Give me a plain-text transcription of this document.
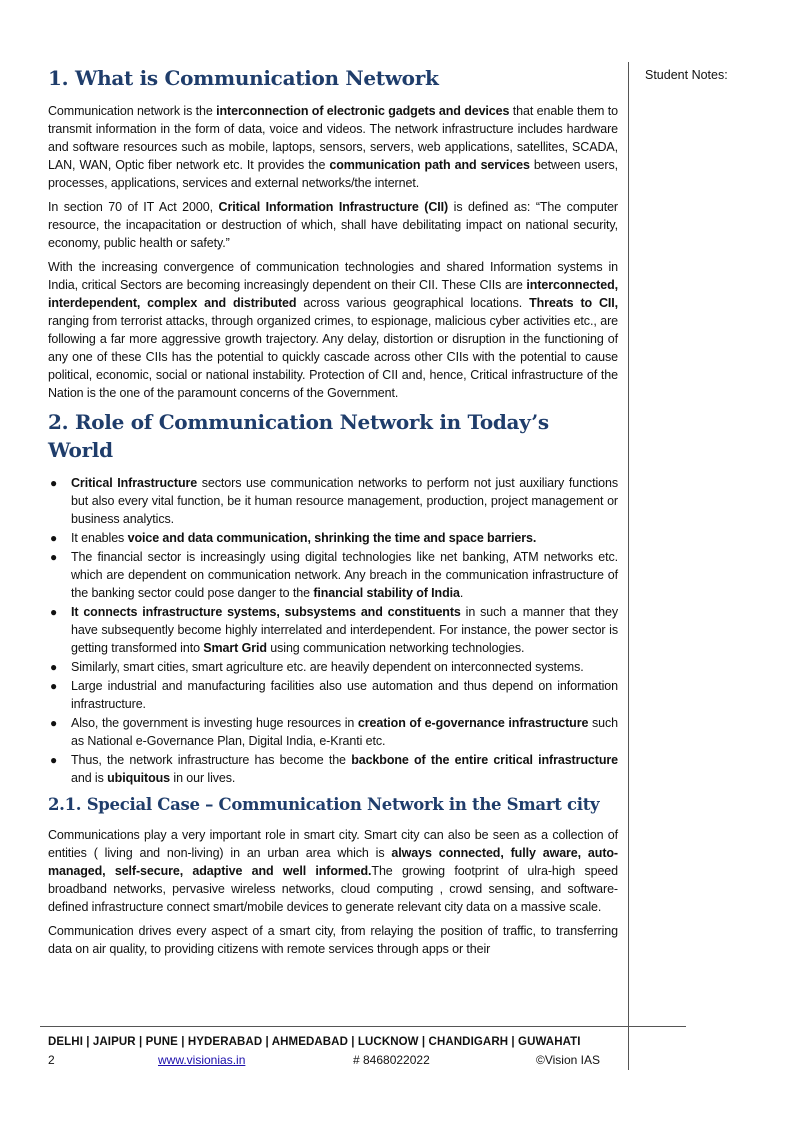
Student Notes:
1. What is Communication Network

Communication network is the interconnection of electronic gadgets and devices that enable them to transmit information in the form of data, voice and videos. The network infrastructure includes hardware and software resources such as mobile, laptops, sensors, servers, web applications, satellites, SCADA, LAN, WAN, Optic fiber network etc. It provides the communication path and services between users, processes, applications, services and external networks/the internet.

In section 70 of IT Act 2000, Critical Information Infrastructure (CII) is defined as: “The computer resource, the incapacitation or destruction of which, shall have debilitating impact on national security, economy, public health or safety.”

With the increasing convergence of communication technologies and shared Information systems in India, critical Sectors are becoming increasingly dependent on their CII. These CIIs are interconnected, interdependent, complex and distributed across various geographical locations. Threats to CII, ranging from terrorist attacks, through organized crimes, to espionage, malicious cyber activities etc., are following a far more aggressive growth trajectory. Any delay, distortion or disruption in the functioning of any one of these CIIs has the potential to quickly cascade across other CIIs with the potential to cause political, economic, social or national instability. Protection of CII and, hence, Critical infrastructure of the Nation is the one of the paramount concerns of the Government.

2. Role of Communication Network in Today’s World
● Critical Infrastructure sectors use communication networks to perform not just auxiliary functions but also every vital function, be it human resource management, production, project management or business analytics.
● It enables voice and data communication, shrinking the time and space barriers.
● The financial sector is increasingly using digital technologies like net banking, ATM networks etc. which are dependent on communication network. Any breach in the communication infrastructure of the banking sector could pose danger to the financial stability of India.
● It connects infrastructure systems, subsystems and constituents in such a manner that they have subsequently become highly interrelated and interdependent. For instance, the power sector is getting transformed into Smart Grid using communication networking technologies.
● Similarly, smart cities, smart agriculture etc. are heavily dependent on interconnected systems.
● Large industrial and manufacturing facilities also use automation and thus depend on information infrastructure.
● Also, the government is investing huge resources in creation of e-governance infrastructure such as National e-Governance Plan, Digital India, e-Kranti etc.
● Thus, the network infrastructure has become the backbone of the entire critical infrastructure and is ubiquitous in our lives.
2.1. Special Case – Communication Network in the Smart city

Communications play a very important role in smart city. Smart city can also be seen as a collection of entities ( living and non-living) in an urban area which is always connected, fully aware, auto-managed, self-secure, adaptive and well informed.The growing footprint of ulra-high speed broadband networks, pervasive wireless networks, cloud computing , crowd sensing, and software-defined infrastructure connect smart/mobile devices to generate relevant city data on a massive scale.

Communication drives every aspect of a smart city, from relaying the position of traffic, to transferring data on air quality, to providing citizens with remote services through apps or their

DELHI | JAIPUR | PUNE | HYDERABAD | AHMEDABAD | LUCKNOW | CHANDIGARH | GUWAHATI
2	www.visionias.in	# 8468022022	©Vision IAS
